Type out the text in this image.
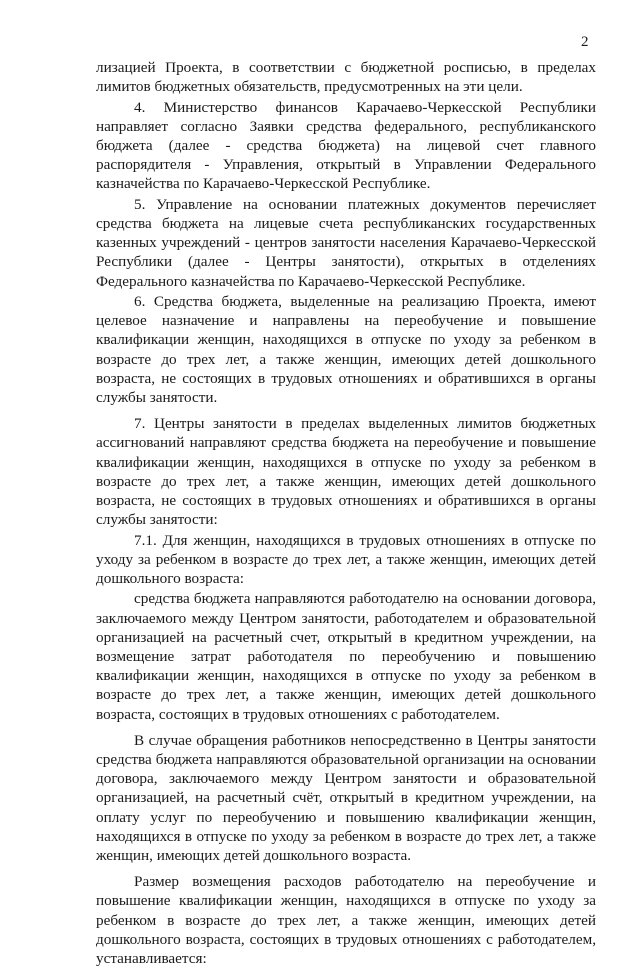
2

лизацией Проекта, в соответствии с бюджетной росписью, в пределах лимитов бюджетных обязательств, предусмотренных на эти цели.

4. Министерство финансов Карачаево-Черкесской Республики направляет согласно Заявки средства федерального, республиканского бюджета (далее - средства бюджета) на лицевой счет главного распорядителя - Управления, открытый в Управлении Федерального казначейства по Карачаево-Черкесской Республике.

5. Управление на основании платежных документов перечисляет средства бюджета на лицевые счета республиканских государственных казенных учреждений - центров занятости населения Карачаево-Черкесской Республики (далее - Центры занятости), открытых в отделениях Федерального казначейства по Карачаево-Черкесской Республике.

6. Средства бюджета, выделенные на реализацию Проекта, имеют целевое назначение и направлены на переобучение и повышение квалификации женщин, находящихся в отпуске по уходу за ребенком в возрасте до трех лет, а также женщин, имеющих детей дошкольного возраста, не состоящих в трудовых отношениях и обратившихся в органы службы занятости.

7. Центры занятости в пределах выделенных лимитов бюджетных ассигнований направляют средства бюджета на переобучение и повышение квалификации женщин, находящихся в отпуске по уходу за ребенком в возрасте до трех лет, а также женщин, имеющих детей дошкольного возраста, не состоящих в трудовых отношениях и обратившихся в органы службы занятости:

7.1. Для женщин, находящихся в трудовых отношениях в отпуске по уходу за ребенком в возрасте до трех лет, а также женщин, имеющих детей дошкольного возраста:

средства бюджета направляются работодателю на основании договора, заключаемого между Центром занятости, работодателем и образовательной организацией на расчетный счет, открытый в кредитном учреждении, на возмещение затрат работодателя по переобучению и повышению квалификации женщин, находящихся в отпуске по уходу за ребенком в возрасте до трех лет, а также женщин, имеющих детей дошкольного возраста, состоящих в трудовых отношениях с работодателем.

В случае обращения работников непосредственно в Центры занятости средства бюджета направляются образовательной организации на основании договора, заключаемого между Центром занятости и образовательной организацией, на расчетный счёт, открытый в кредитном учреждении, на оплату услуг по переобучению и повышению квалификации женщин, находящихся в отпуске по уходу за ребенком в возрасте до трех лет, а также женщин, имеющих детей дошкольного возраста.

Размер возмещения расходов работодателю на переобучение и повышение квалификации женщин, находящихся в отпуске по уходу за ребенком в возрасте до трех лет, а также женщин, имеющих детей дошкольного возраста, состоящих в трудовых отношениях с работодателем, устанавливается:
